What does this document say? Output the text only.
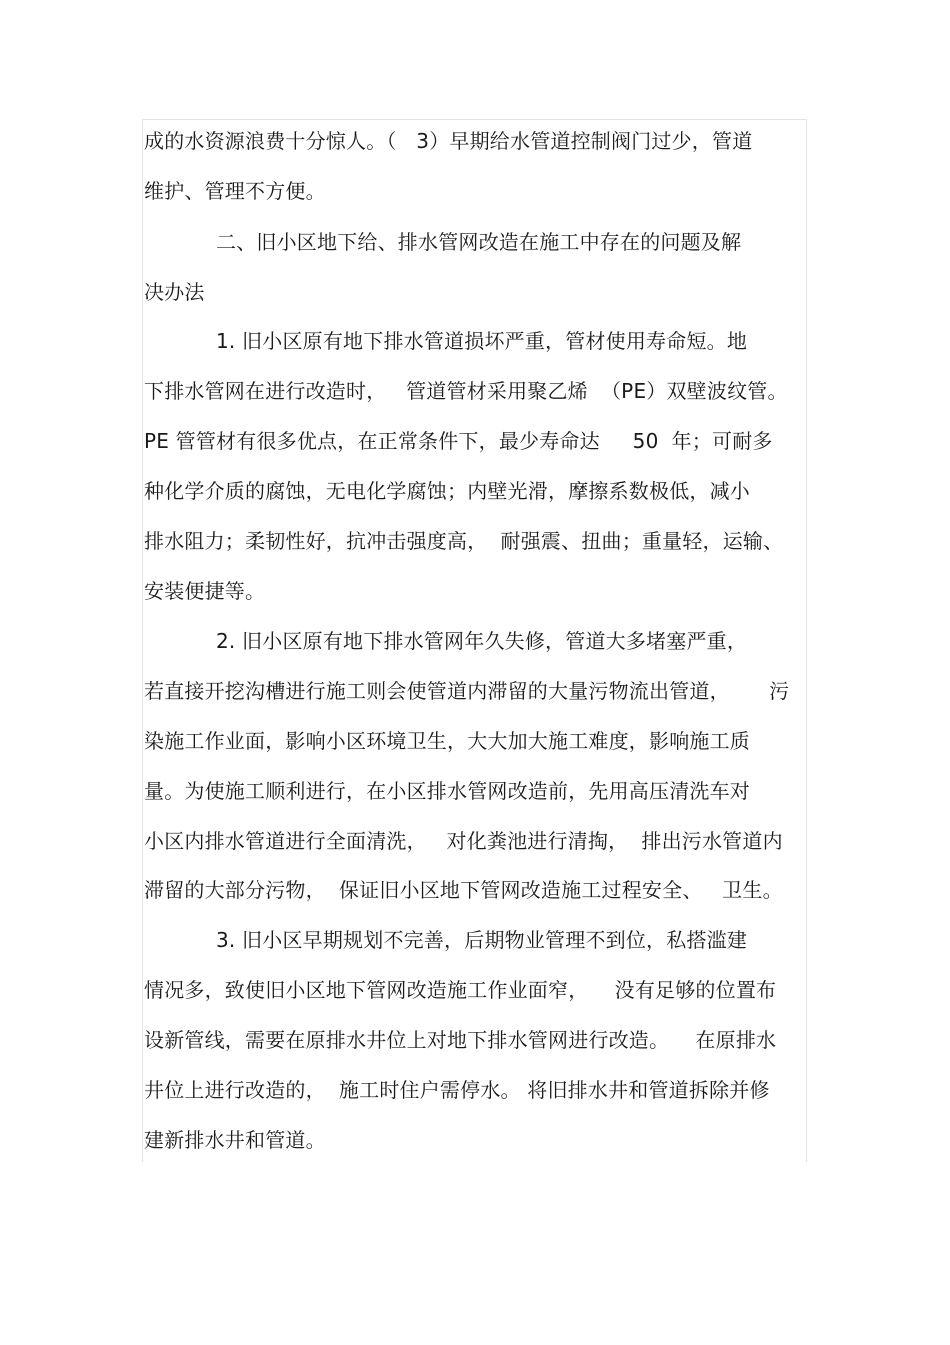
成的水资源浪费十分惊人。（   3）早期给水管道控制阀门过少，管道
维护、管理不方便。
二、旧小区地下给、排水管网改造在施工中存在的问题及解
决办法
1. 旧小区原有地下排水管道损坏严重，管材使用寿命短。地
下排水管网在进行改造时，   管道管材采用聚乙烯  （PE）双壁波纹管。
PE 管管材有很多优点，在正常条件下，最少寿命达     50  年；可耐多
种化学介质的腐蚀，无电化学腐蚀；内壁光滑，摩擦系数极低，减小
排水阻力；柔韧性好，抗冲击强度高，  耐强震、扭曲；重量轻，运输、
安装便捷等。
2. 旧小区原有地下排水管网年久失修，管道大多堵塞严重，
若直接开挖沟槽进行施工则会使管道内滞留的大量污物流出管道，      污
染施工作业面，影响小区环境卫生，大大加大施工难度，影响施工质
量。为使施工顺利进行，在小区排水管网改造前，先用高压清洗车对
小区内排水管道进行全面清洗，   对化粪池进行清掏，  排出污水管道内
滞留的大部分污物，  保证旧小区地下管网改造施工过程安全、   卫生。
3. 旧小区早期规划不完善，后期物业管理不到位，私搭滥建
情况多，致使旧小区地下管网改造施工作业面窄，    没有足够的位置布
设新管线，需要在原排水井位上对地下排水管网进行改造。    在原排水
井位上进行改造的，  施工时住户需停水。 将旧排水井和管道拆除并修
建新排水井和管道。
